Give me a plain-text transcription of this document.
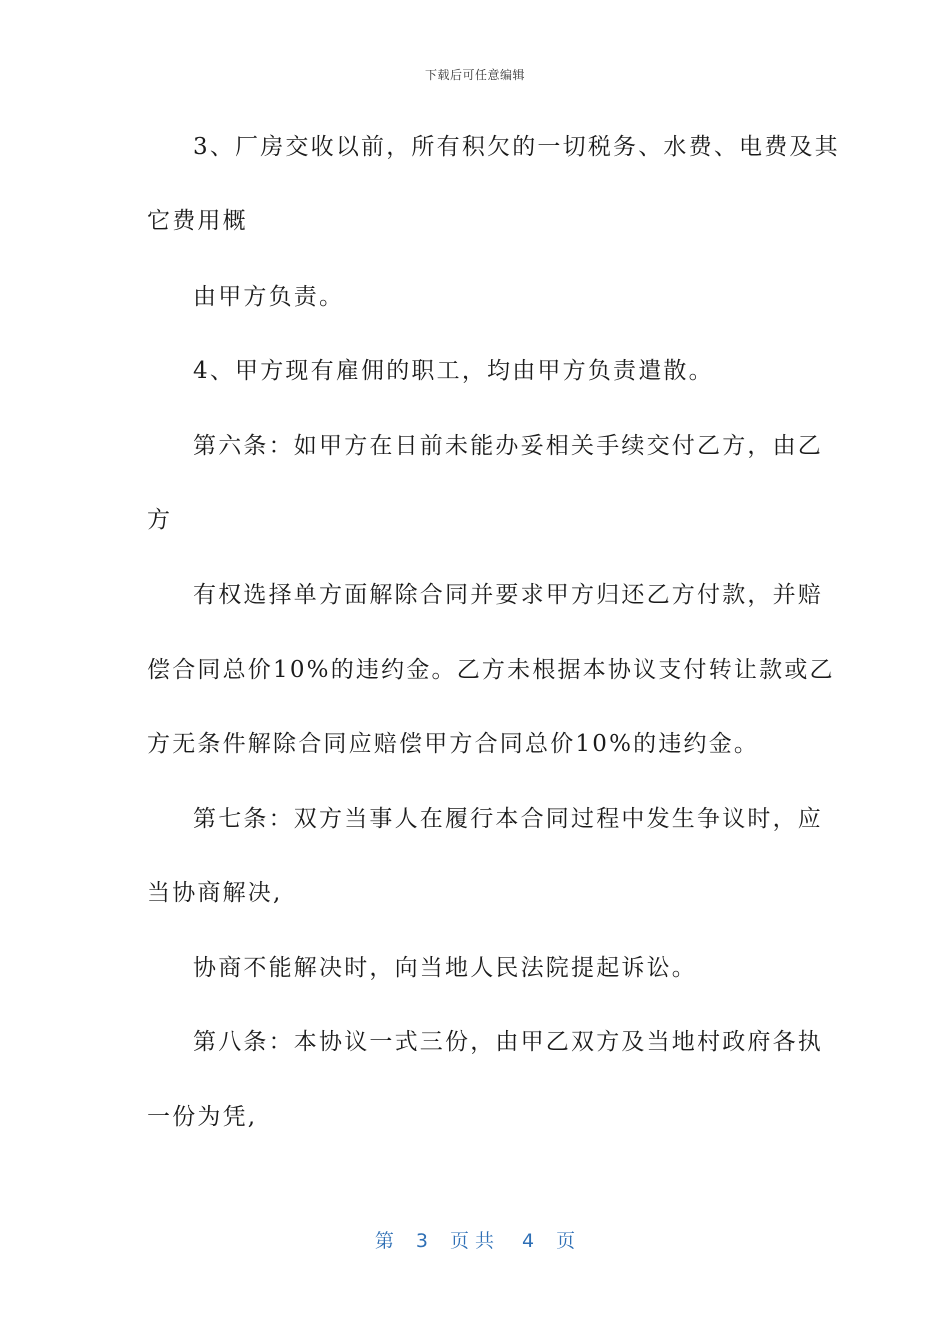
下载后可任意编辑
3、厂房交收以前，所有积欠的一切税务、水费、电费及其
它费用概
由甲方负责。
4、甲方现有雇佣的职工，均由甲方负责遣散。
第六条：如甲方在日前未能办妥相关手续交付乙方，由乙
方
有权选择单方面解除合同并要求甲方归还乙方付款，并赔
偿合同总价10%的违约金。乙方未根据本协议支付转让款或乙
方无条件解除合同应赔偿甲方合同总价10%的违约金。
第七条：双方当事人在履行本合同过程中发生争议时，应
当协商解决,
协商不能解决时，向当地人民法院提起诉讼。
第八条：本协议一式三份，由甲乙双方及当地村政府各执
一份为凭,
第 3 页共 4 页
